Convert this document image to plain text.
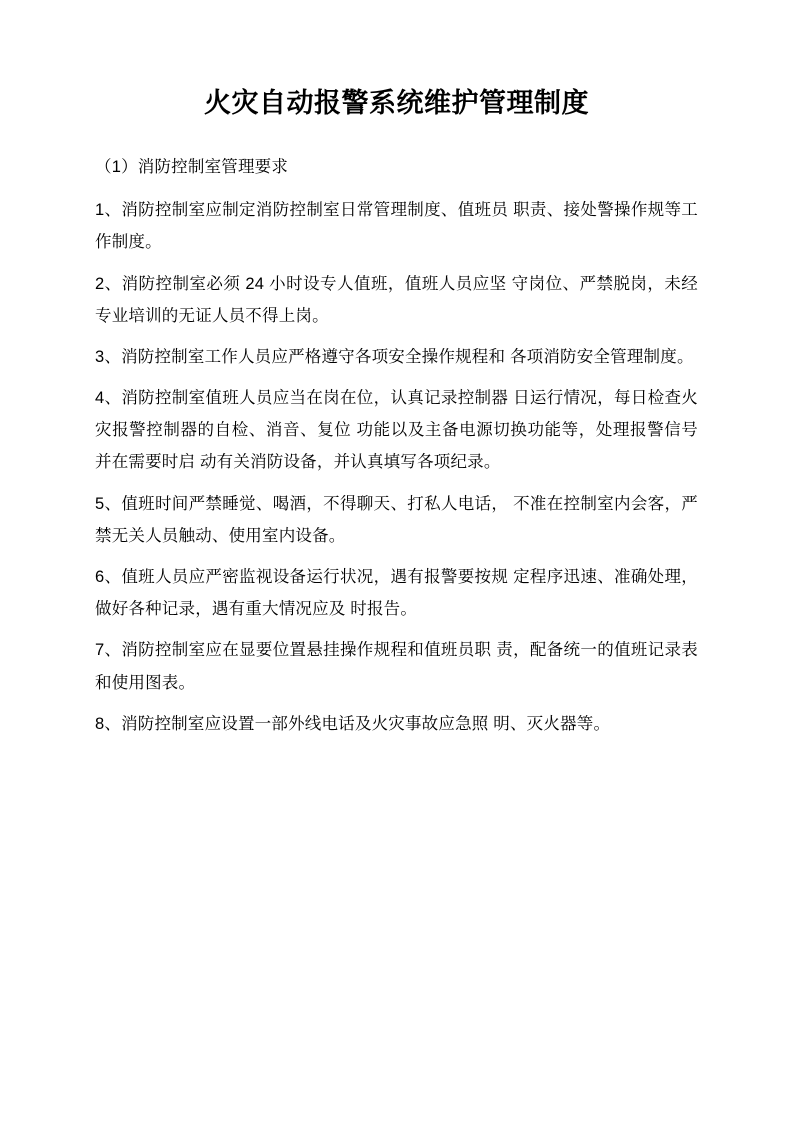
火灾自动报警系统维护管理制度

（1）消防控制室管理要求

1、消防控制室应制定消防控制室日常管理制度、值班员 职责、接处警操作规等工作制度。

2、消防控制室必须 24 小时设专人值班，值班人员应坚 守岗位、严禁脱岗，未经专业培训的无证人员不得上岗。

3、消防控制室工作人员应严格遵守各项安全操作规程和 各项消防安全管理制度。

4、消防控制室值班人员应当在岗在位，认真记录控制器 日运行情况，每日检查火灾报警控制器的自检、消音、复位 功能以及主备电源切换功能等，处理报警信号并在需要时启 动有关消防设备，并认真填写各项纪录。

5、值班时间严禁睡觉、喝酒，不得聊天、打私人电话， 不准在控制室内会客，严禁无关人员触动、使用室内设备。

6、值班人员应严密监视设备运行状况，遇有报警要按规 定程序迅速、准确处理，做好各种记录，遇有重大情况应及 时报告。

7、消防控制室应在显要位置悬挂操作规程和值班员职 责，配备统一的值班记录表和使用图表。

8、消防控制室应设置一部外线电话及火灾事故应急照 明、灭火器等。
